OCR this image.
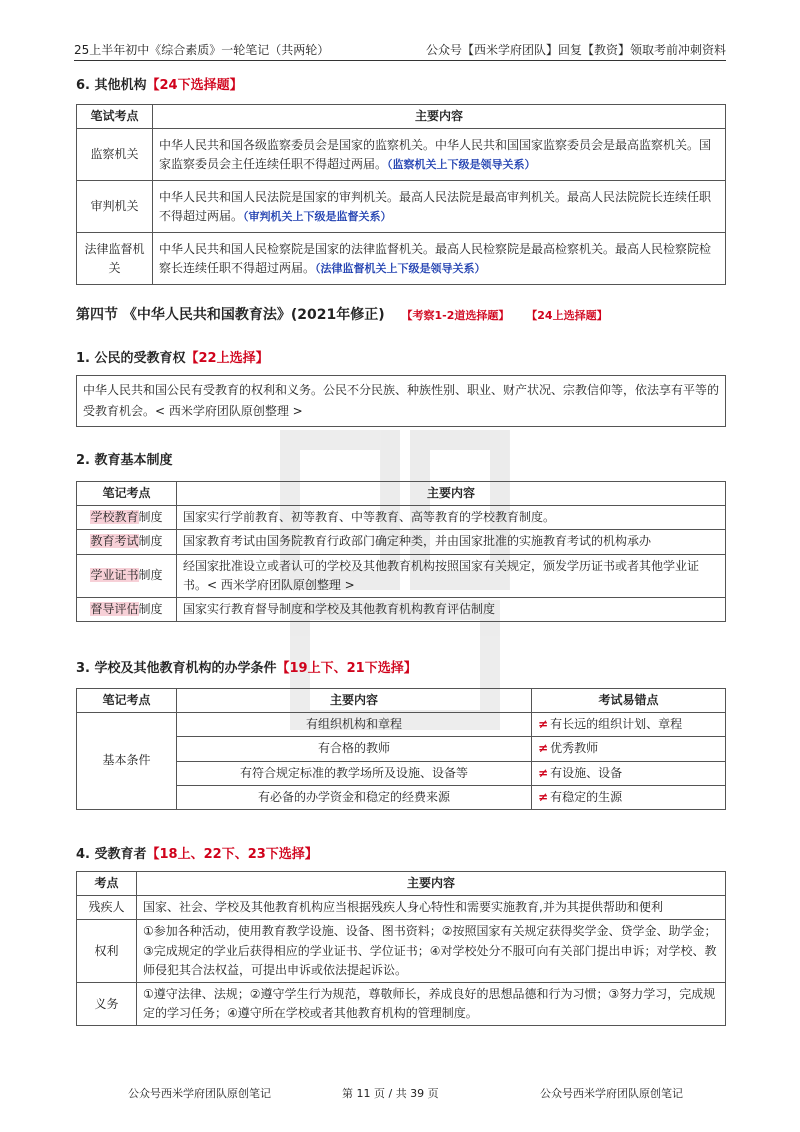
25上半年初中《综合素质》一轮笔记（共两轮）	公众号【西米学府团队】回复【教资】领取考前冲刺资料
6. 其他机构【24下选择题】
笔试考点	主要内容
监察机关	中华人民共和国各级监察委员会是国家的监察机关。中华人民共和国国家监察委员会是最高监察机关。国家监察委员会主任连续任职不得超过两届。（监察机关上下级是领导关系）
审判机关	中华人民共和国人民法院是国家的审判机关。最高人民法院是最高审判机关。最高人民法院院长连续任职不得超过两届。（审判机关上下级是监督关系）
法律监督机关	中华人民共和国人民检察院是国家的法律监督机关。最高人民检察院是最高检察机关。最高人民检察院检察长连续任职不得超过两届。（法律监督机关上下级是领导关系）
第四节 《中华人民共和国教育法》(2021年修正) 【考察1-2道选择题】 【24上选择题】
1. 公民的受教育权【22上选择】
中华人民共和国公民有受教育的权利和义务。公民不分民族、种族性别、职业、财产状况、宗教信仰等，依法享有平等的受教育机会。< 西米学府团队原创整理 >
2. 教育基本制度
笔记考点	主要内容
学校教育制度	国家实行学前教育、初等教育、中等教育、高等教育的学校教育制度。
教育考试制度	国家教育考试由国务院教育行政部门确定种类，并由国家批准的实施教育考试的机构承办
学业证书制度	经国家批准设立或者认可的学校及其他教育机构按照国家有关规定，颁发学历证书或者其他学业证书。< 西米学府团队原创整理 >
督导评估制度	国家实行教育督导制度和学校及其他教育机构教育评估制度
3. 学校及其他教育机构的办学条件【19上下、21下选择】
笔记考点	主要内容	考试易错点
基本条件	有组织机构和章程	≠ 有长远的组织计划、章程
	有合格的教师	≠ 优秀教师
	有符合规定标准的教学场所及设施、设备等	≠ 有设施、设备
	有必备的办学资金和稳定的经费来源	≠ 有稳定的生源
4. 受教育者【18上、22下、23下选择】
考点	主要内容
残疾人	国家、社会、学校及其他教育机构应当根据残疾人身心特性和需要实施教育,并为其提供帮助和便利
权利	①参加各种活动，使用教育教学设施、设备、图书资料；②按照国家有关规定获得奖学金、贷学金、助学金；③完成规定的学业后获得相应的学业证书、学位证书；④对学校处分不服可向有关部门提出申诉；对学校、教师侵犯其合法权益，可提出申诉或依法提起诉讼。
义务	①遵守法律、法规；②遵守学生行为规范，尊敬师长，养成良好的思想品德和行为习惯；③努力学习，完成规定的学习任务；④遵守所在学校或者其他教育机构的管理制度。
公众号西米学府团队原创笔记	第 11 页 / 共 39 页	公众号西米学府团队原创笔记
